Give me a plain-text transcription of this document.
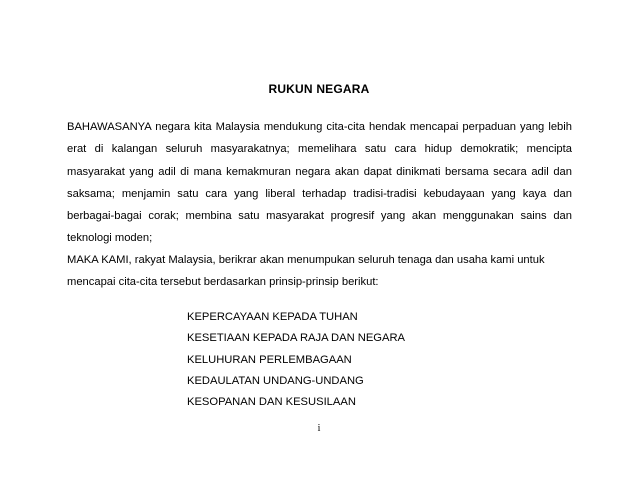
RUKUN NEGARA
BAHAWASANYA negara kita Malaysia mendukung cita-cita hendak mencapai perpaduan yang lebih erat di kalangan seluruh masyarakatnya; memelihara satu cara hidup demokratik; mencipta masyarakat yang adil di mana kemakmuran negara akan dapat dinikmati bersama secara adil dan saksama; menjamin satu cara yang liberal terhadap tradisi-tradisi kebudayaan yang kaya dan berbagai-bagai corak; membina satu masyarakat progresif yang akan menggunakan sains dan teknologi moden;
MAKA KAMI, rakyat Malaysia, berikrar akan menumpukan seluruh tenaga dan usaha kami untuk mencapai cita-cita tersebut berdasarkan prinsip-prinsip berikut:
KEPERCAYAAN KEPADA TUHAN
KESETIAAN KEPADA RAJA DAN NEGARA
KELUHURAN PERLEMBAGAAN
KEDAULATAN UNDANG-UNDANG
KESOPANAN DAN KESUSILAAN
i
